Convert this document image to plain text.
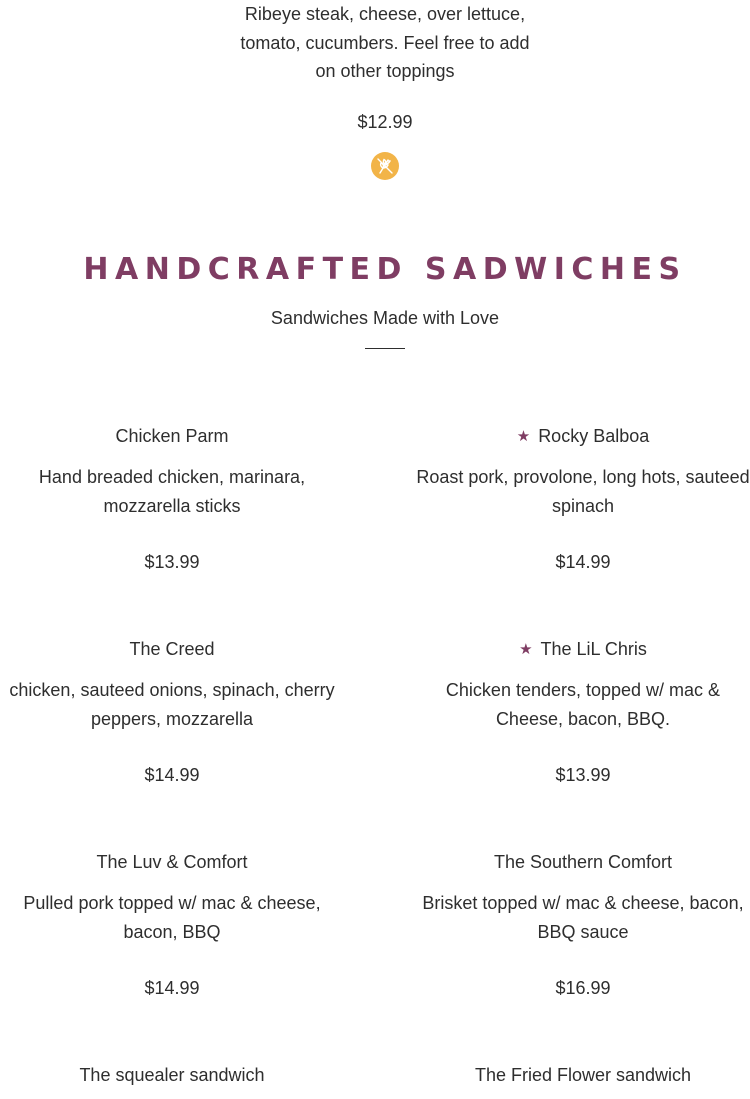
Ribeye steak, cheese, over lettuce, tomato, cucumbers. Feel free to add on other toppings
$12.99
HANDCRAFTED SADWICHES
Sandwiches Made with Love
Chicken Parm
Hand breaded chicken, marinara, mozzarella sticks
$13.99
★ Rocky Balboa
Roast pork, provolone, long hots, sauteed spinach
$14.99
The Creed
chicken, sauteed onions, spinach, cherry peppers, mozzarella
$14.99
★ The LiL Chris
Chicken tenders, topped w/ mac & Cheese, bacon, BBQ.
$13.99
The Luv & Comfort
Pulled pork topped w/ mac & cheese, bacon, BBQ
$14.99
The Southern Comfort
Brisket topped w/ mac & cheese, bacon, BBQ sauce
$16.99
The squealer sandwich	The Fried Flower sandwich
